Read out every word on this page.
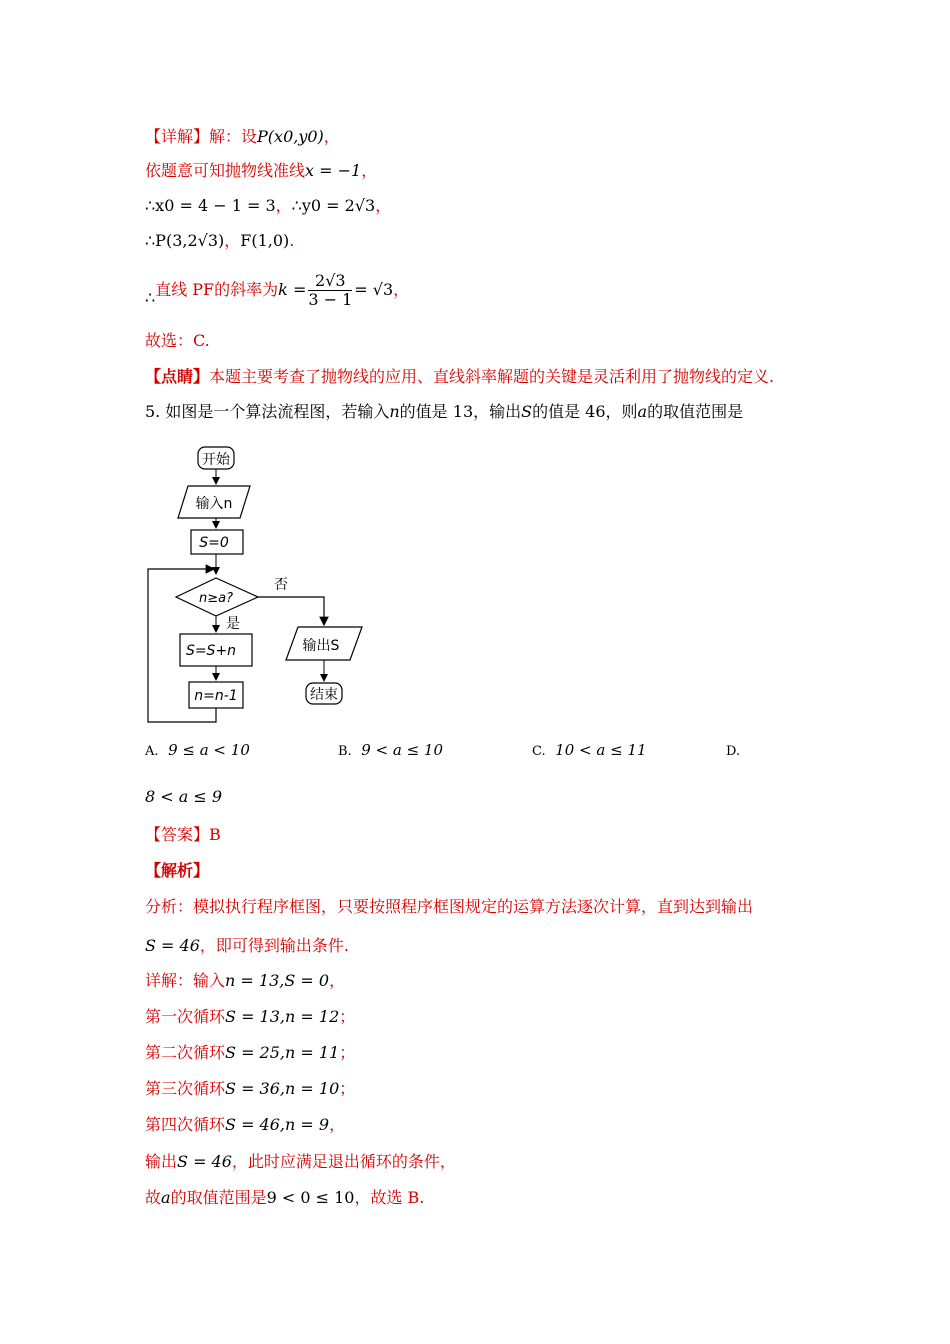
【详解】解：设P(x0,y0)，
依题意可知抛物线准线x = −1，
∴x0 = 4 − 1 = 3，∴y0 = 2√3，
∴P(3,2√3)，F(1,0).
∴直线 PF的斜率为$k = \frac{2√3}{3 - 1} = √3$，
故选：C.
【点睛】本题主要考查了抛物线的应用、直线斜率解题的关键是灵活利用了抛物线的定义.
5. 如图是一个算法流程图，若输入n的值是 13，输出S的值是 46，则a的取值范围是
开始
输入n
S=0
n≥a?
否
是
S=S+n
n=n-1
输出S
结束
A. 9 ≤ a < 10	B. 9 < a ≤ 10	C. 10 < a ≤ 11	D.
8 < a ≤ 9
【答案】B
【解析】
分析：模拟执行程序框图，只要按照程序框图规定的运算方法逐次计算，直到达到输出
S = 46，即可得到输出条件.
详解：输入n = 13,S = 0，
第一次循环S = 13,n = 12；
第二次循环S = 25,n = 11；
第三次循环S = 36,n = 10；
第四次循环S = 46,n = 9，
输出S = 46，此时应满足退出循环的条件，
故a的取值范围是9 < 0 ≤ 10，故选 B.
